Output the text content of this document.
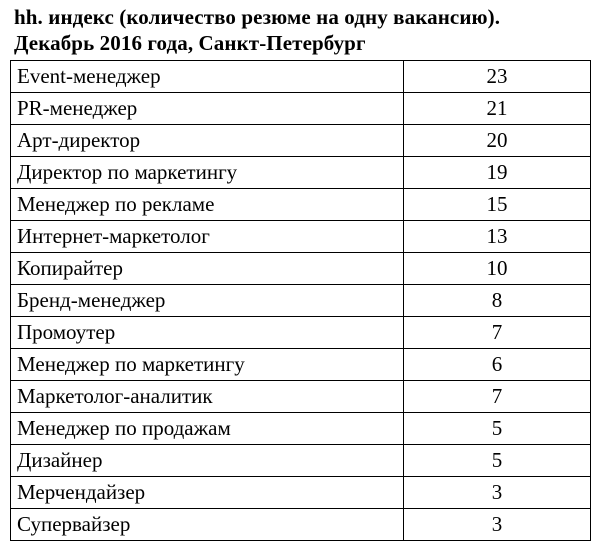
hh. индекс (количество резюме на одну вакансию).
Декабрь 2016 года, Санкт-Петербург
Event-менеджер	23
PR-менеджер	21
Арт-директор	20
Директор по маркетингу	19
Менеджер по рекламе	15
Интернет-маркетолог	13
Копирайтер	10
Бренд-менеджер	8
Промоутер	7
Менеджер по маркетингу	6
Маркетолог-аналитик	7
Менеджер по продажам	5
Дизайнер	5
Мерчендайзер	3
Супервайзер	3
